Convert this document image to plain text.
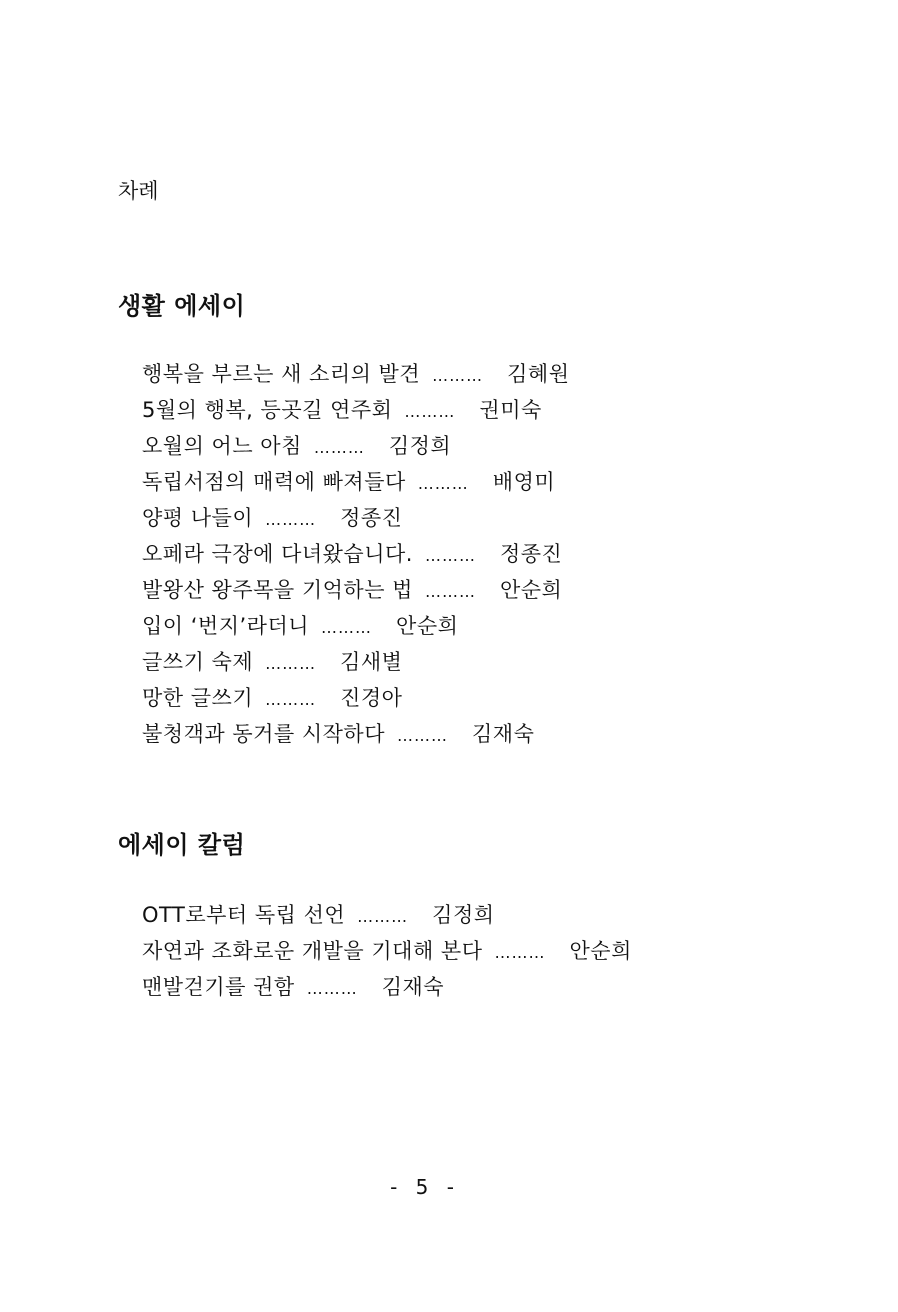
차례
생활 에세이
행복을 부르는 새 소리의 발견 ……… 김혜원
5월의 행복, 등곳길 연주회 ……… 권미숙
오월의 어느 아침 ……… 김정희
독립서점의 매력에 빠져들다 ……… 배영미
양평 나들이 ……… 정종진
오페라 극장에 다녀왔습니다. ……… 정종진
발왕산 왕주목을 기억하는 법 ……… 안순희
입이 ‘번지’라더니 ……… 안순희
글쓰기 숙제 ……… 김새별
망한 글쓰기 ……… 진경아
불청객과 동거를 시작하다 ……… 김재숙
에세이 칼럼
OTT로부터 독립 선언 ……… 김정희
자연과 조화로운 개발을 기대해 본다 ……… 안순희
맨발걷기를 권함 ……… 김재숙
- 5 -
